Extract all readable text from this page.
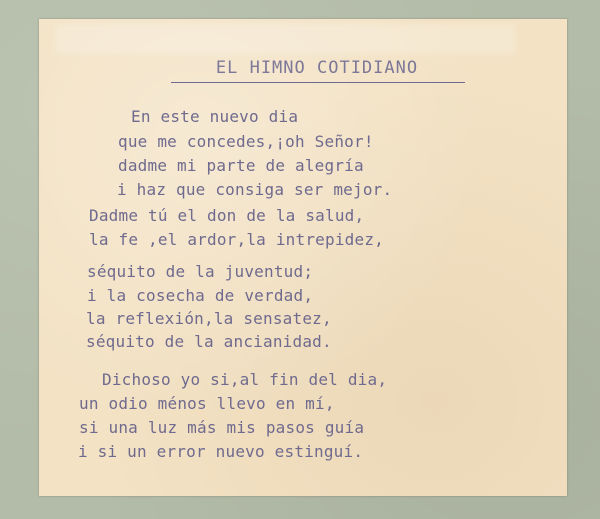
EL HIMNO COTIDIANO
En este nuevo dia
que me concedes,¡oh Señor!
dadme mi parte de alegría
i haz que consiga ser mejor.
Dadme tú el don de la salud,
la fe ,el ardor,la intrepidez,
séquito de la juventud;
i la cosecha de verdad,
la reflexión,la sensatez,
séquito de la ancianidad.
Dichoso yo si,al fin del dia,
un odio ménos llevo en mí,
si una luz más mis pasos guía
i si un error nuevo estinguí.
